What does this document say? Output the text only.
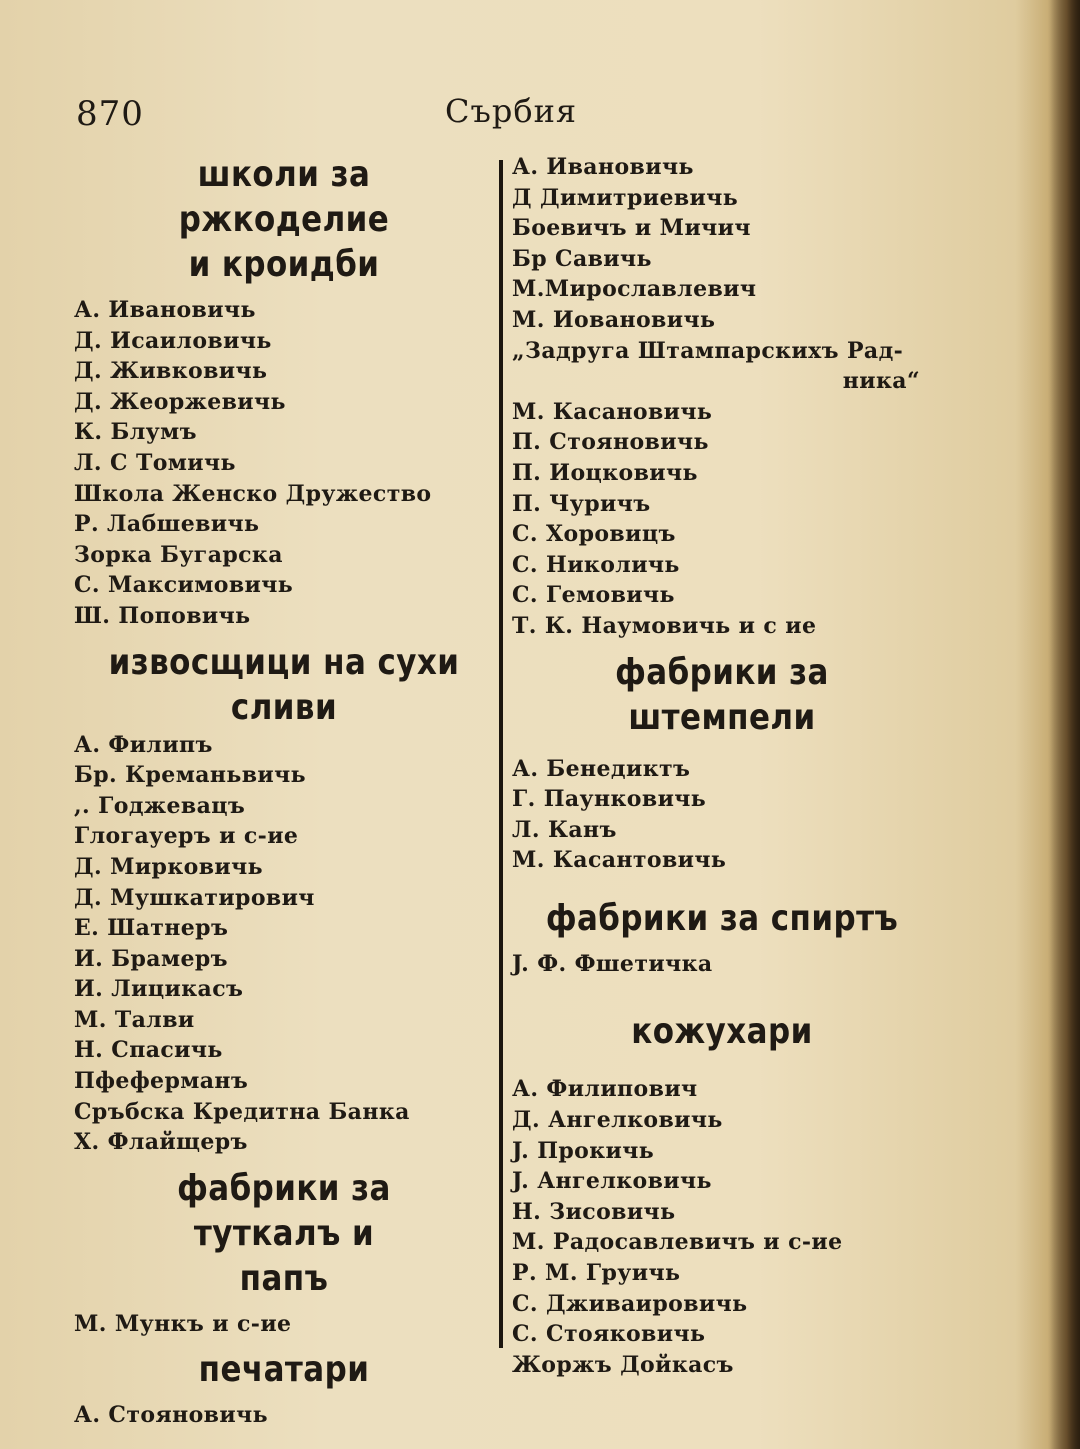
870	Сърбия
школи за ржкоделие
и кроидби
А. Ивановичь
Д. Исаиловичь
Д. Живковичь
Д. Жеоржевичь
К. Блумъ
Л. С Томичь
Школа Женско Дружество
Р. Лабшевичь
Зорка Бугарска
С. Максимовичь
Ш. Поповичь
извосщици на сухи
сливи
А. Филипъ
Бр. Креманьвичь
,. Годжевацъ
Глогауеръ и с-ие
Д. Мирковичь
Д. Мушкатирович
Е. Шатнеръ
И. Брамеръ
И. Лицикасъ
М. Талви
Н. Спасичь
Пфеферманъ
Сръбска Кредитна Банка
Х. Флайщеръ
фабрики за туткалъ и
папъ
М. Мункъ и с-ие
печатари
А. Стояновичь
А. Ивановичь
Д Димитриевичь
Бoевичъ и Мичич
Бр Савичь
М.Мирославлевич
М. Иовановичь
„Задруга Штампарскихъ Рад-
ника“
М. Касановичь
П. Стояновичь
П. Иоцковичь
П. Чуричъ
С. Хоровицъ
С. Николичь
С. Гемовичь
Т. К. Наумовичь и с ие
фабрики за штемпели
А. Бенедиктъ
Г. Паунковичь
Л. Канъ
М. Касантовичь
фабрики за спиртъ
J. Ф. Фшетичка
кожухари
А. Филипович
Д. Ангелковичь
J. Прокичь
J. Ангелковичь
Н. Зисовичь
М. Радосавлевичъ и с-ие
Р. М. Груичь
С. Дживаировичь
С. Стояковичь
Жоржъ Дойкасъ
